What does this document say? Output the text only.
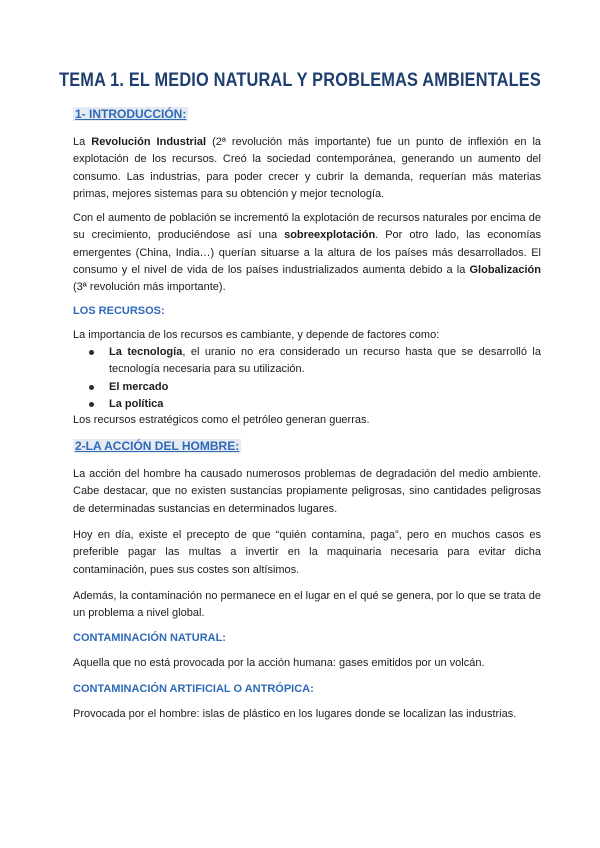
TEMA 1. EL MEDIO NATURAL Y PROBLEMAS AMBIENTALES
1- INTRODUCCIÓN:

La Revolución Industrial (2ª revolución más importante) fue un punto de inflexión en la explotación de los recursos. Creó la sociedad contemporánea, generando un aumento del consumo. Las industrias, para poder crecer y cubrir la demanda, requerían más materias primas, mejores sistemas para su obtención y mejor tecnología.

Con el aumento de población se incrementó la explotación de recursos naturales por encima de su crecimiento, produciéndose así una sobreexplotación. Por otro lado, las economías emergentes (China, India…) querían situarse a la altura de los países más desarrollados. El consumo y el nivel de vida de los países industrializados aumenta debido a la Globalización (3ª revolución más importante).

LOS RECURSOS:

La importancia de los recursos es cambiante, y depende de factores como:

La tecnología, el uranio no era considerado un recurso hasta que se desarrolló la tecnología necesaria para su utilización.
El mercado
La política

Los recursos estratégicos como el petróleo generan guerras.

2-LA ACCIÓN DEL HOMBRE:

La acción del hombre ha causado numerosos problemas de degradación del medio ambiente. Cabe destacar, que no existen sustancias propiamente peligrosas, sino cantidades peligrosas de determinadas sustancias en determinados lugares.

Hoy en día, existe el precepto de que “quién contamina, paga”, pero en muchos casos es preferible pagar las multas a invertir en la maquinaria necesaria para evitar dicha contaminación, pues sus costes son altísimos.

Además, la contaminación no permanece en el lugar en el qué se genera, por lo que se trata de un problema a nivel global.

CONTAMINACIÓN NATURAL:

Aquella que no está provocada por la acción humana: gases emitidos por un volcán.

CONTAMINACIÓN ARTIFICIAL O ANTRÓPICA:

Provocada por el hombre: islas de plástico en los lugares donde se localizan las industrias.
